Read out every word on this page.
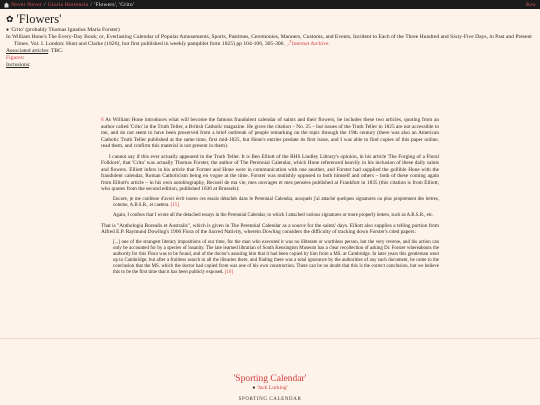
Never Never / Gloria Hortensia / 'Flowers', 'Crito'	Key
✿ 'Flowers'

● 'Crito' (probably Thomas Ignatius Maria Forster)

In William Hone's The Every-Day Book; or, Everlasting Calendar of Popular Amusements, Sports, Pastimes, Ceremonies, Manners, Customs, and Events, Incident to Each of the Three Hundred and Sixty-Five Days, in Past and Present Times. Vol. I. London: Hunt and Clarke (1826), but first published in weekly pamphlet form 1825) pp 104-106, 305-306. ⤴Internet Archive.

Associated articles: TBC.

Figures:

Inclusions:

8 As William Hone introduces what will become the famous fraudulent calendar of saints and their flowers, he includes these two articles, quoting from an author called 'Crito' in the Truth Teller, a British Catholic magazine. He gives the citation – No. 25 – but issues of the Truth Teller in 1825 are not accessible to me, and do not seem to have been preserved from a brief outbreak of people remarking on the topic through the 19th century (there was also an American Catholic Truth Teller published at the same time, first mid-1825, but Hone's entries predate its first issue, and I was able to find copies of this paper online, read them, and confirm this material is not present in them).

I cannot say if this ever actually appeared in the Truth Teller. It is Ben Elliott of the RHS Lindley Library's opinion, in his article 'The Forging of a Floral Folklore', that 'Crito' was actually Thomas Forster, the author of The Perennial Calendar, which Hone referenced heavily in his inclusion of these daily saints and flowers. Elliott infers in his article that Forster and Hone were in communication with one another, and Forster had supplied the gullible Hone with the fraudulent calendar, Roman Catholicism being en vogue at the time. Forster was mulishly opposed to both himself and others – both of these coming again from Elliott's article – in his own autobiography, Recueil de ma vie, mes ouvrages et mes pensées published at Frankfurt in 1835 (this citation is from Elliott; who quotes from the second edition, published 1836 at Brussels):

Encore, je me confesse d'avoir écrit toutes ces essais détachés dans le Perennial Calendar, auxquels j'ai attaché quelques signatures ou plus proprement des lettres, comme, A.B.S.R., et caetera. [15]

Again, I confess that I wrote all the detached essays in the Perennial Calendar, to which I attached various signatures or more properly letters, such as A.B.S.R., etc.

That is "Anthologia Borealis et Australis", which is given in The Perennial Calendar as a source for the saints' days. Elliott also supplies a telling portion from Alfred E.P. Raymund Dowling's 1900 Flora of the Sacred Nativity, wherein Dowling considers the difficulty of tracking down Forster's cited papers:

[...] one of the strangest literary impositions of our time, for the man who executed it was no illiterate or worthless person, but the very reverse, and his action can only be accounted for by a species of insanity. The late learned librarian of South Kensington Museum has a clear recollection of asking Dr. Forster whereabouts the authority for this Flora was to be found, and of the doctor's assuring him that it had been copied by him from a MS. at Cambridge. In later years this gentleman went up to Cambridge; but after a fruitless search in all the libraries there, and finding there was a total ignorance by the authorities of any such document, he came to the conclusion that the MS. which the doctor had copied from was one of his own construction. There can be no doubt that this is the correct conclusion, but we believe this to be the first time that it has been publicly exposed. [16]

'Sporting Calendar'
● 'Jack Lurking'
SPORTING CALENDAR
